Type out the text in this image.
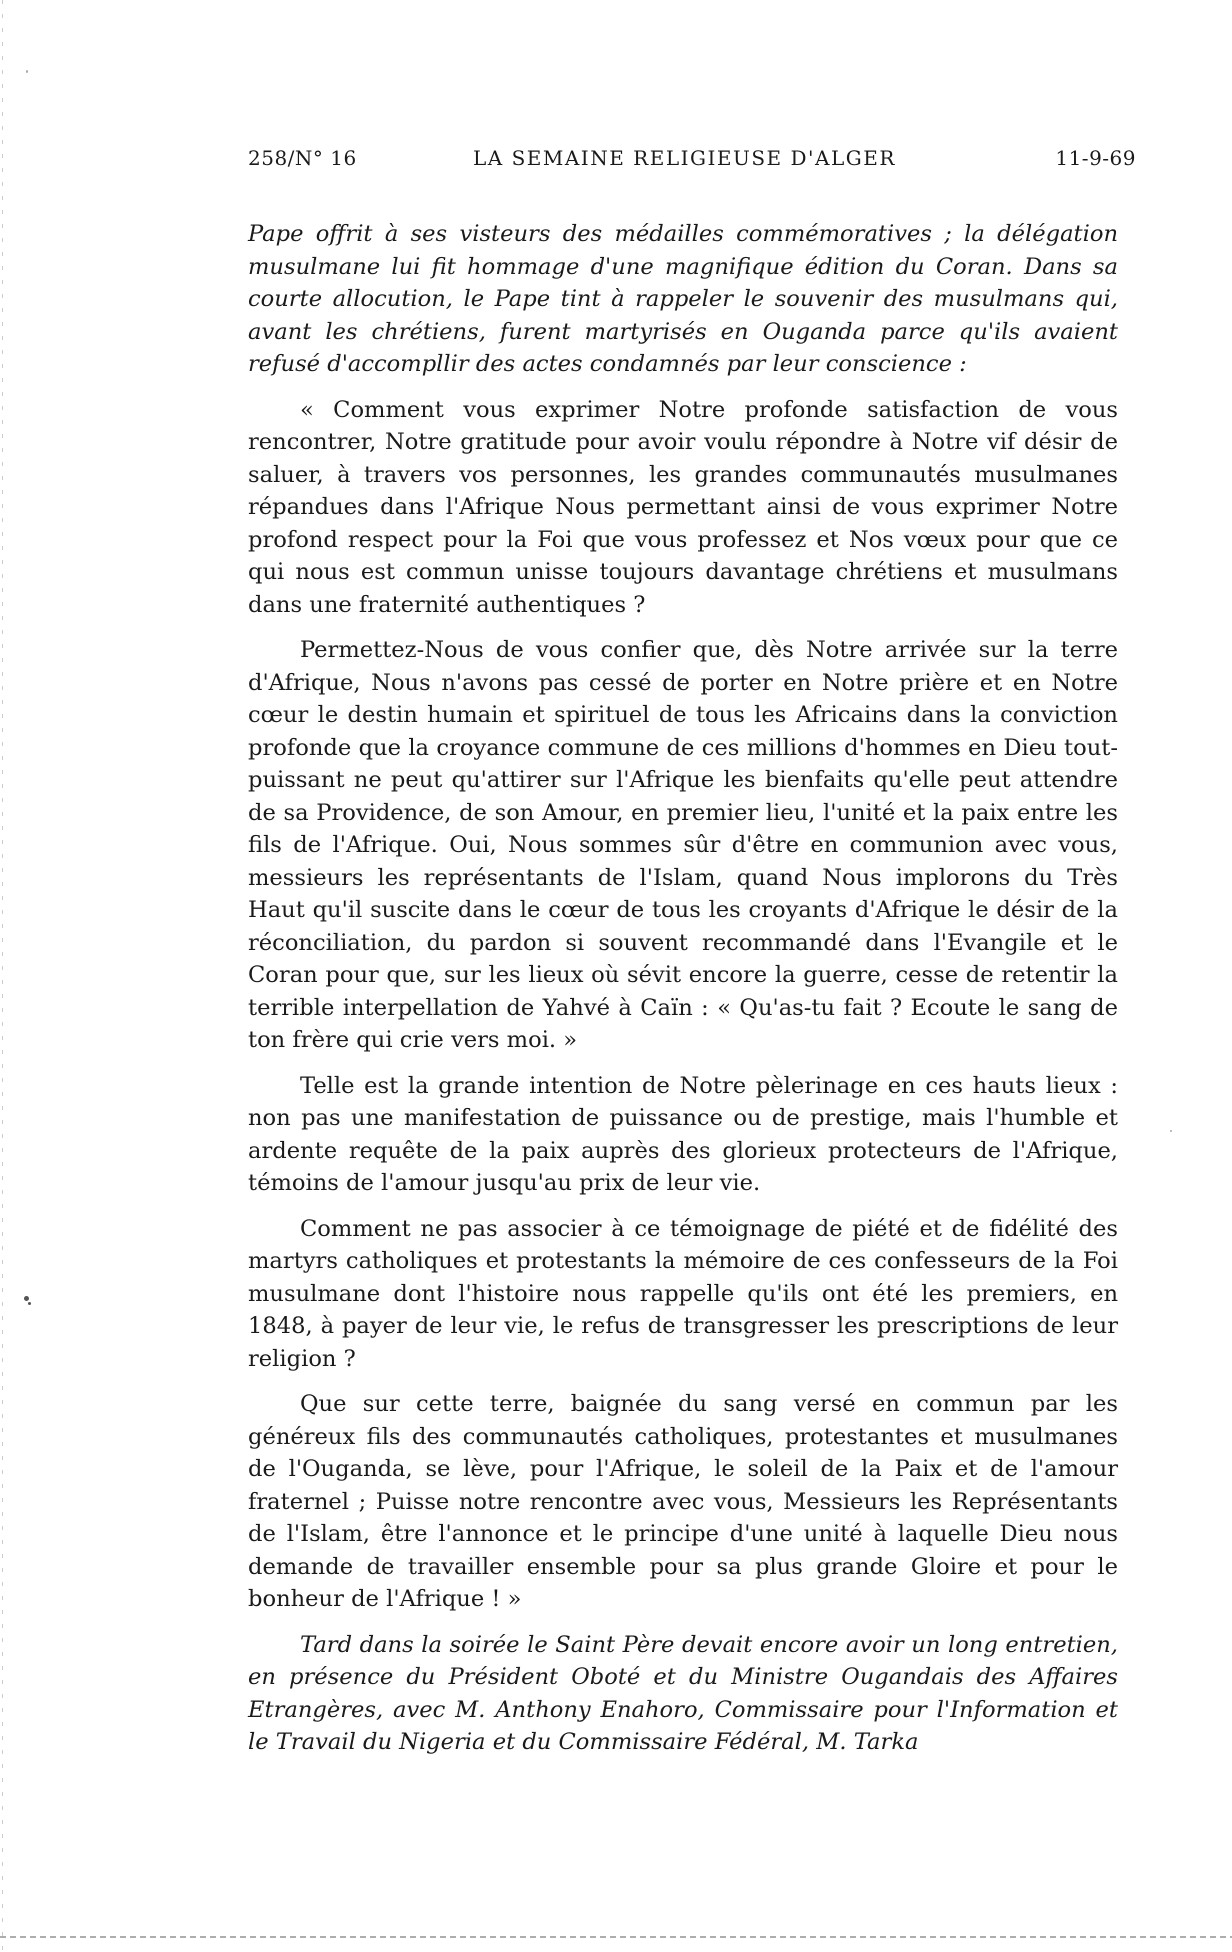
258/N° 16	LA SEMAINE RELIGIEUSE D'ALGER	11-9-69

Pape offrit à ses visteurs des médailles commémoratives ; la délégation musulmane lui fit hommage d'une magnifique édition du Coran. Dans sa courte allocution, le Pape tint à rappeler le souvenir des musulmans qui, avant les chrétiens, furent martyrisés en Ouganda parce qu'ils avaient refusé d'accompllir des actes condamnés par leur conscience :

« Comment vous exprimer Notre profonde satisfaction de vous rencontrer, Notre gratitude pour avoir voulu répondre à Notre vif désir de saluer, à travers vos personnes, les grandes communautés musulmanes répandues dans l'Afrique Nous permettant ainsi de vous exprimer Notre profond respect pour la Foi que vous professez et Nos vœux pour que ce qui nous est commun unisse toujours davantage chrétiens et musulmans dans une fraternité authentiques ?

Permettez-Nous de vous confier que, dès Notre arrivée sur la terre d'Afrique, Nous n'avons pas cessé de porter en Notre prière et en Notre cœur le destin humain et spirituel de tous les Africains dans la conviction profonde que la croyance commune de ces millions d'hommes en Dieu tout-puissant ne peut qu'attirer sur l'Afrique les bienfaits qu'elle peut attendre de sa Providence, de son Amour, en premier lieu, l'unité et la paix entre les fils de l'Afrique. Oui, Nous sommes sûr d'être en communion avec vous, messieurs les représentants de l'Islam, quand Nous implorons du Très Haut qu'il suscite dans le cœur de tous les croyants d'Afrique le désir de la réconciliation, du pardon si souvent recommandé dans l'Evangile et le Coran pour que, sur les lieux où sévit encore la guerre, cesse de retentir la terrible interpellation de Yahvé à Caïn : « Qu'as-tu fait ? Ecoute le sang de ton frère qui crie vers moi. »

Telle est la grande intention de Notre pèlerinage en ces hauts lieux : non pas une manifestation de puissance ou de prestige, mais l'humble et ardente requête de la paix auprès des glorieux protecteurs de l'Afrique, témoins de l'amour jusqu'au prix de leur vie.

Comment ne pas associer à ce témoignage de piété et de fidélité des martyrs catholiques et protestants la mémoire de ces confesseurs de la Foi musulmane dont l'histoire nous rappelle qu'ils ont été les premiers, en 1848, à payer de leur vie, le refus de transgresser les prescriptions de leur religion ?

Que sur cette terre, baignée du sang versé en commun par les généreux fils des communautés catholiques, protestantes et musulmanes de l'Ouganda, se lève, pour l'Afrique, le soleil de la Paix et de l'amour fraternel ; Puisse notre rencontre avec vous, Messieurs les Représentants de l'Islam, être l'annonce et le principe d'une unité à laquelle Dieu nous demande de travailler ensemble pour sa plus grande Gloire et pour le bonheur de l'Afrique ! »

Tard dans la soirée le Saint Père devait encore avoir un long entretien, en présence du Président Oboté et du Ministre Ougandais des Affaires Etrangères, avec M. Anthony Enahoro, Commissaire pour l'Information et le Travail du Nigeria et du Commissaire Fédéral, M. Tarka
